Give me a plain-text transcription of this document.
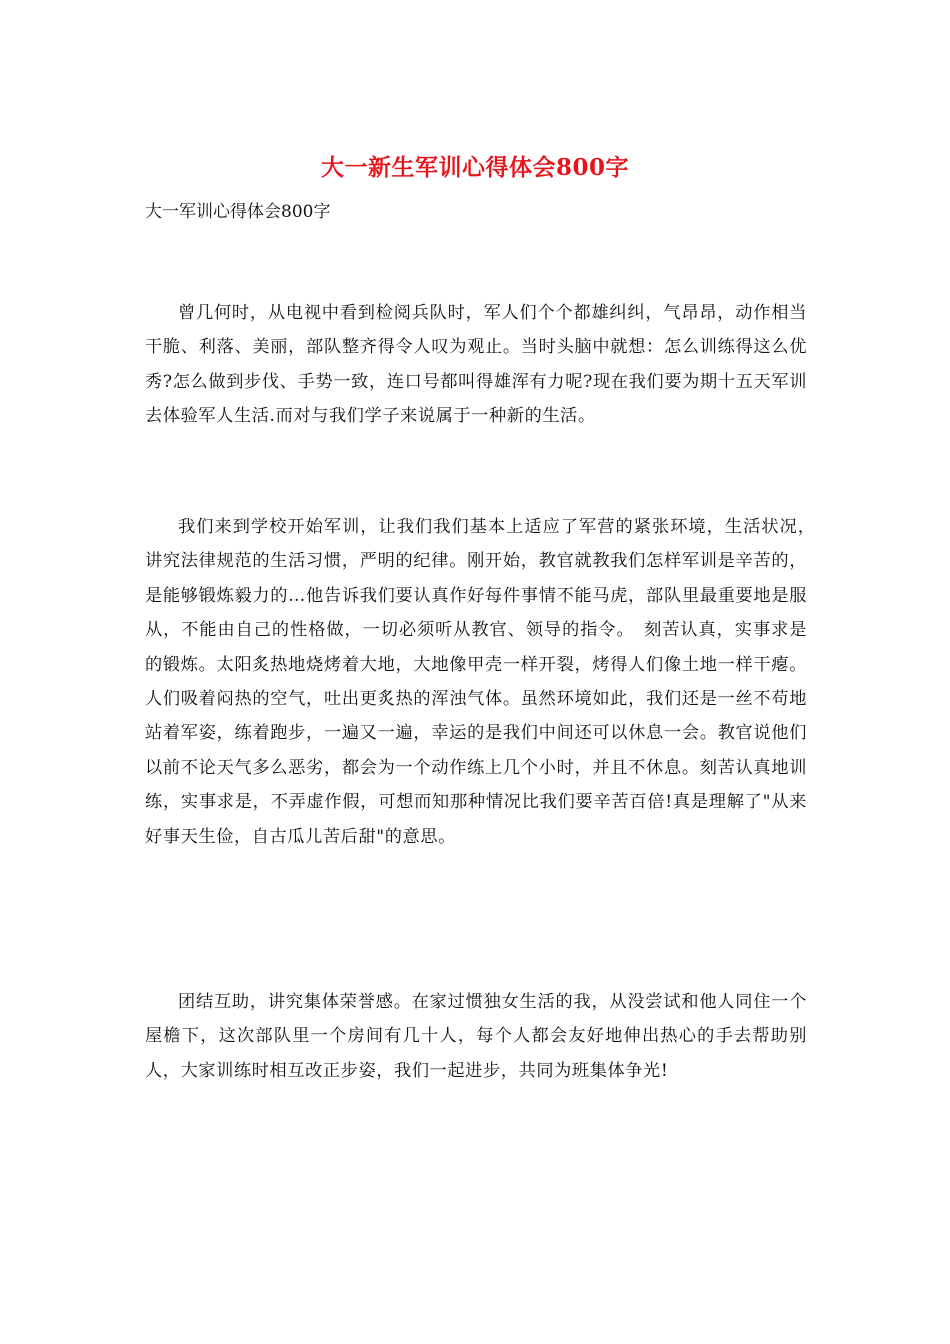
大一新生军训心得体会800字
大一军训心得体会800字

曾几何时，从电视中看到检阅兵队时，军人们个个都雄纠纠，气昂昂，动作相当干脆、利落、美丽，部队整齐得令人叹为观止。当时头脑中就想：怎么训练得这么优秀?怎么做到步伐、手势一致，连口号都叫得雄浑有力呢?现在我们要为期十五天军训去体验军人生活.而对与我们学子来说属于一种新的生活。

我们来到学校开始军训，让我们我们基本上适应了军营的紧张环境，生活状况，　讲究法律规范的生活习惯，严明的纪律。刚开始，教官就教我们怎样军训是辛苦的，是能够锻炼毅力的…他告诉我们要认真作好每件事情不能马虎，部队里最重要地是服从，不能由自己的性格做，一切必须听从教官、领导的指令。　刻苦认真，实事求是的锻炼。太阳炙热地烧烤着大地，大地像甲壳一样开裂，烤得人们像土地一样干瘪。人们吸着闷热的空气，吐出更炙热的浑浊气体。虽然环境如此，我们还是一丝不苟地站着军姿，练着跑步，一遍又一遍，幸运的是我们中间还可以休息一会。教官说他们以前不论天气多么恶劣，都会为一个动作练上几个小时，并且不休息。刻苦认真地训练，实事求是，不弄虚作假，可想而知那种情况比我们要辛苦百倍!真是理解了"从来好事天生俭，自古瓜儿苦后甜"的意思。

团结互助，讲究集体荣誉感。在家过惯独女生活的我，从没尝试和他人同住一个屋檐下，这次部队里一个房间有几十人，每个人都会友好地伸出热心的手去帮助别人，大家训练时相互改正步姿，我们一起进步，共同为班集体争光!
